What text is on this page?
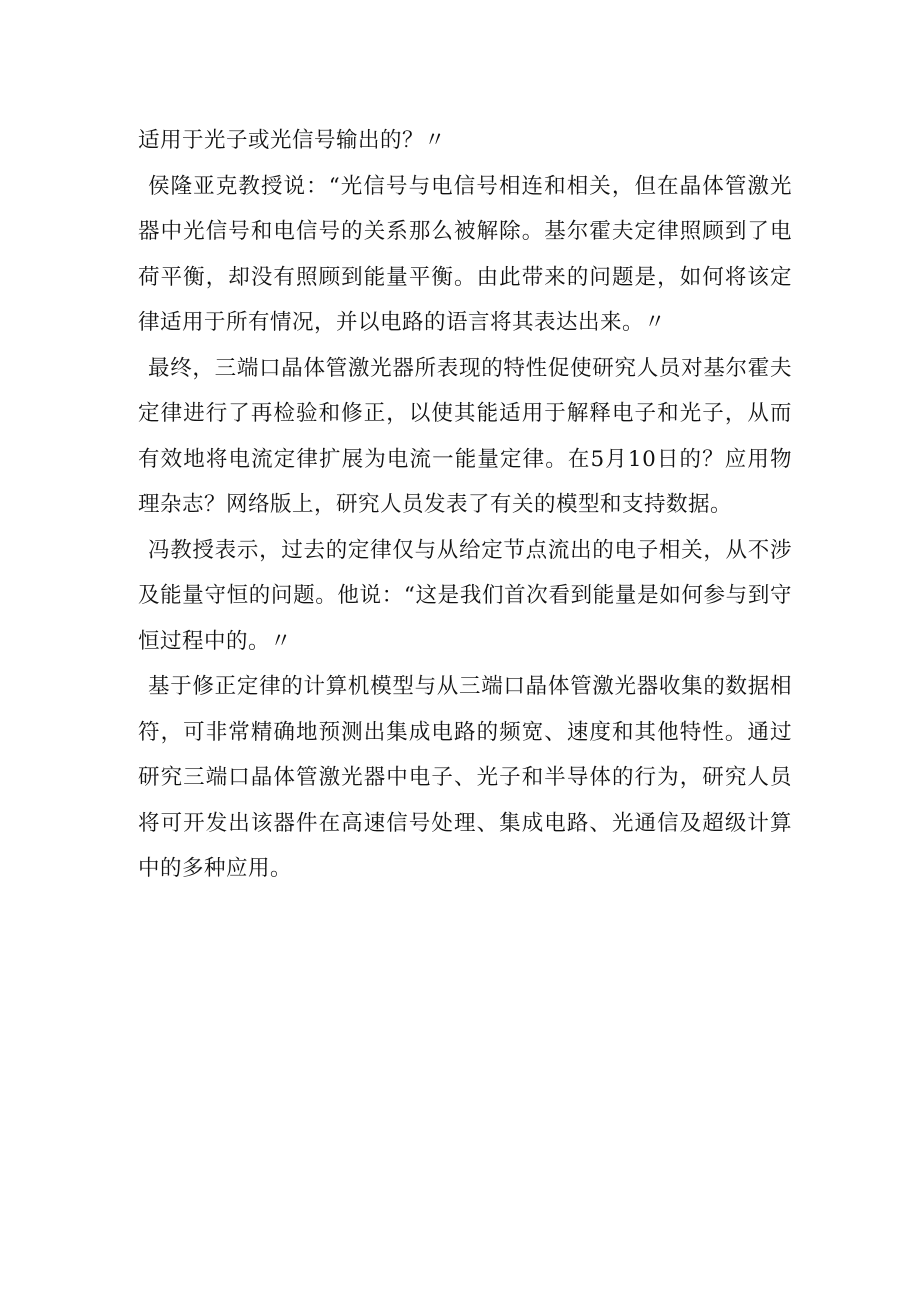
适用于光子或光信号输出的？〃

侯隆亚克教授说：“光信号与电信号相连和相关，但在晶体管激光器中光信号和电信号的关系那么被解除。基尔霍夫定律照顾到了电荷平衡，却没有照顾到能量平衡。由此带来的问题是，如何将该定律适用于所有情况，并以电路的语言将其表达出来。〃

最终，三端口晶体管激光器所表现的特性促使研究人员对基尔霍夫定律进行了再检验和修正，以使其能适用于解释电子和光子，从而有效地将电流定律扩展为电流一能量定律。在5月10日的？应用物理杂志？网络版上，研究人员发表了有关的模型和支持数据。

冯教授表示，过去的定律仅与从给定节点流出的电子相关，从不涉及能量守恒的问题。他说：“这是我们首次看到能量是如何参与到守恒过程中的。〃

基于修正定律的计算机模型与从三端口晶体管激光器收集的数据相符，可非常精确地预测出集成电路的频宽、速度和其他特性。通过研究三端口晶体管激光器中电子、光子和半导体的行为，研究人员将可开发出该器件在高速信号处理、集成电路、光通信及超级计算中的多种应用。
